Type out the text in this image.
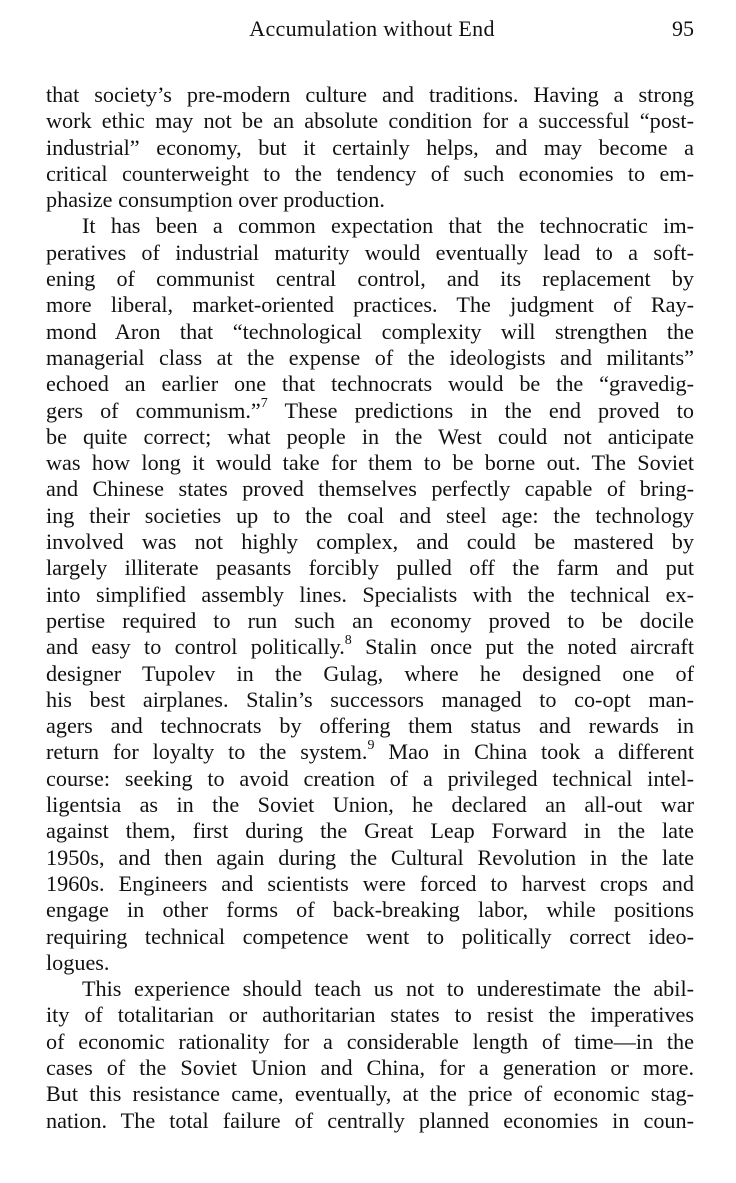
Accumulation without End	95
that society’s pre-modern culture and traditions. Having a strong
work ethic may not be an absolute condition for a successful “post-
industrial” economy, but it certainly helps, and may become a
critical counterweight to the tendency of such economies to em-
phasize consumption over production.
It has been a common expectation that the technocratic im-
peratives of industrial maturity would eventually lead to a soft-
ening of communist central control, and its replacement by
more liberal, market-oriented practices. The judgment of Ray-
mond Aron that “technological complexity will strengthen the
managerial class at the expense of the ideologists and militants”
echoed an earlier one that technocrats would be the “gravedig-
gers of communism.”$^7$ These predictions in the end proved to
be quite correct; what people in the West could not anticipate
was how long it would take for them to be borne out. The Soviet
and Chinese states proved themselves perfectly capable of bring-
ing their societies up to the coal and steel age: the technology
involved was not highly complex, and could be mastered by
largely illiterate peasants forcibly pulled off the farm and put
into simplified assembly lines. Specialists with the technical ex-
pertise required to run such an economy proved to be docile
and easy to control politically.$^8$ Stalin once put the noted aircraft
designer Tupolev in the Gulag, where he designed one of
his best airplanes. Stalin’s successors managed to co-opt man-
agers and technocrats by offering them status and rewards in
return for loyalty to the system.$^9$ Mao in China took a different
course: seeking to avoid creation of a privileged technical intel-
ligentsia as in the Soviet Union, he declared an all-out war
against them, first during the Great Leap Forward in the late
1950s, and then again during the Cultural Revolution in the late
1960s. Engineers and scientists were forced to harvest crops and
engage in other forms of back-breaking labor, while positions
requiring technical competence went to politically correct ideo-
logues.
This experience should teach us not to underestimate the abil-
ity of totalitarian or authoritarian states to resist the imperatives
of economic rationality for a considerable length of time—in the
cases of the Soviet Union and China, for a generation or more.
But this resistance came, eventually, at the price of economic stag-
nation. The total failure of centrally planned economies in coun-
